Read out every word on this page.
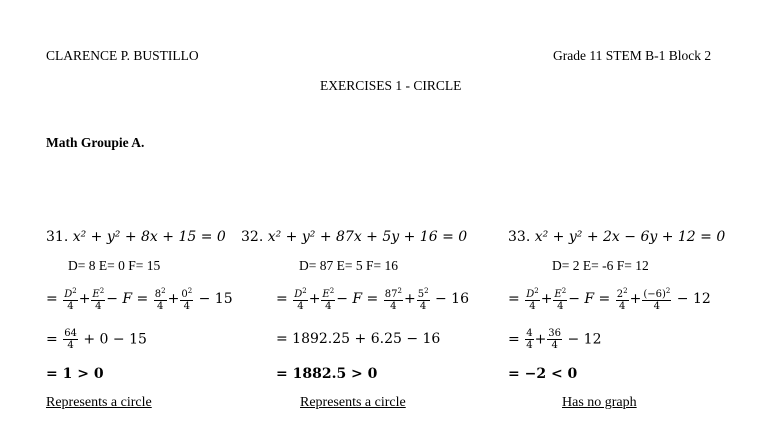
CLARENCE P. BUSTILLO	Grade 11 STEM B-1 Block 2
EXERCISES 1 - CIRCLE
Math Groupie A.
31. x² + y² + 8x + 15 = 0
D= 8 E= 0 F= 15
= $\frac{D^2}{4} + \frac{E^2}{4} - F = \frac{8^2}{4} + \frac{0^2}{4} - 15$
= $\frac{64}{4} + 0 - 15$
= 1 > 0
Represents a circle
32. x² + y² + 87x + 5y + 16 = 0
D= 87 E= 5 F= 16
= $\frac{D^2}{4} + \frac{E^2}{4} - F = \frac{87^2}{4} + \frac{5^2}{4} - 16$
= 1892.25 + 6.25 − 16
= 1882.5 > 0
Represents a circle
33. x² + y² + 2x − 6y + 12 = 0
D= 2 E= -6 F= 12
= $\frac{D^2}{4} + \frac{E^2}{4} - F = \frac{2^2}{4} + \frac{(-6)^2}{4} - 12$
= $\frac{4}{4} + \frac{36}{4} - 12$
= −2 < 0
Has no graph
